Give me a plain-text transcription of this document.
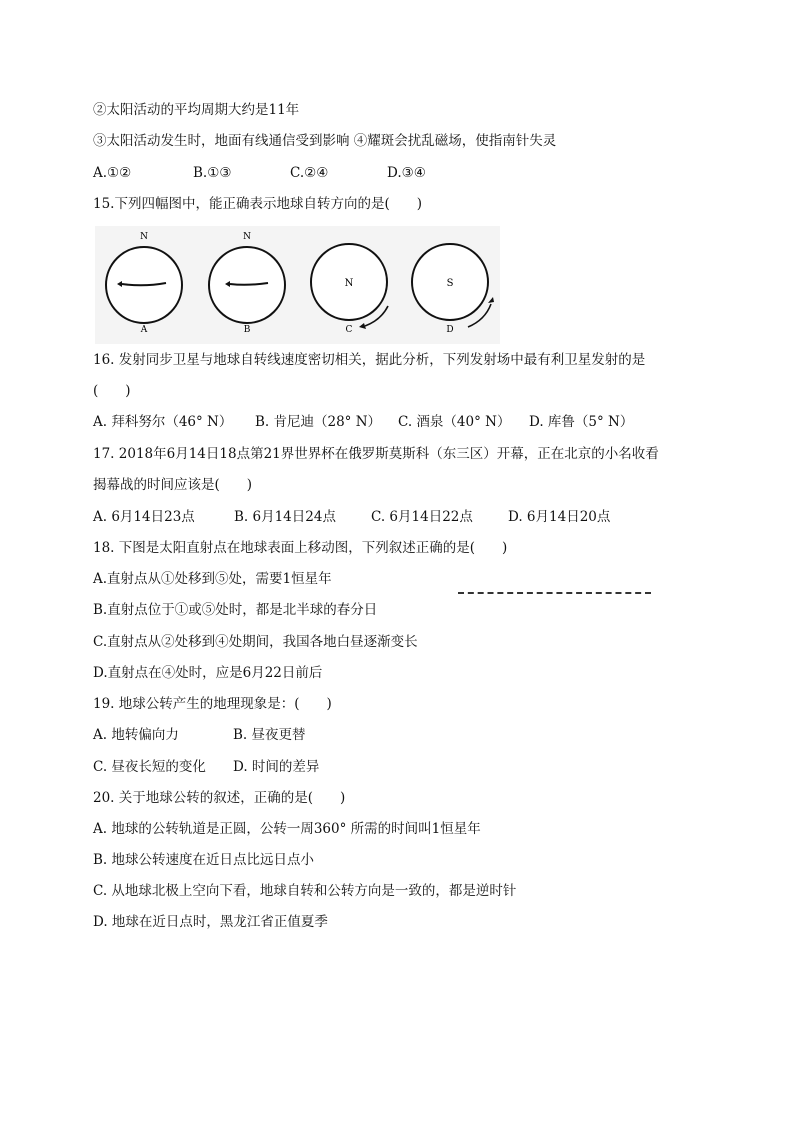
②太阳活动的平均周期大约是11年
③太阳活动发生时，地面有线通信受到影响 ④耀斑会扰乱磁场，使指南针失灵
A.①②	B.①③	C.②④	D.③④
15.下列四幅图中，能正确表示地球自转方向的是(　　)
N
A
N
B
N
C
S
D
16. 发射同步卫星与地球自转线速度密切相关，据此分析，下列发射场中最有利卫星发射的是
(　　)
A. 拜科努尔（46° N）	B. 肯尼迪（28° N）	C. 酒泉（40° N）	D. 库鲁（5° N）
17. 2018年6月14日18点第21界世界杯在俄罗斯莫斯科（东三区）开幕，正在北京的小名收看
揭幕战的时间应该是(　　)
A. 6月14日23点	B. 6月14日24点	C. 6月14日22点	D. 6月14日20点
18. 下图是太阳直射点在地球表面上移动图，下列叙述正确的是(　　)
A.直射点从①处移到⑤处，需要1恒星年
B.直射点位于①或⑤处时，都是北半球的春分日
C.直射点从②处移到④处期间，我国各地白昼逐渐变长
D.直射点在④处时，应是6月22日前后
19. 地球公转产生的地理现象是：(　　)
A. 地转偏向力	B. 昼夜更替
C. 昼夜长短的变化	D. 时间的差异
20. 关于地球公转的叙述，正确的是(　　)
A. 地球的公转轨道是正圆，公转一周360° 所需的时间叫1恒星年
B. 地球公转速度在近日点比远日点小
C. 从地球北极上空向下看，地球自转和公转方向是一致的，都是逆时针
D. 地球在近日点时，黑龙江省正值夏季
